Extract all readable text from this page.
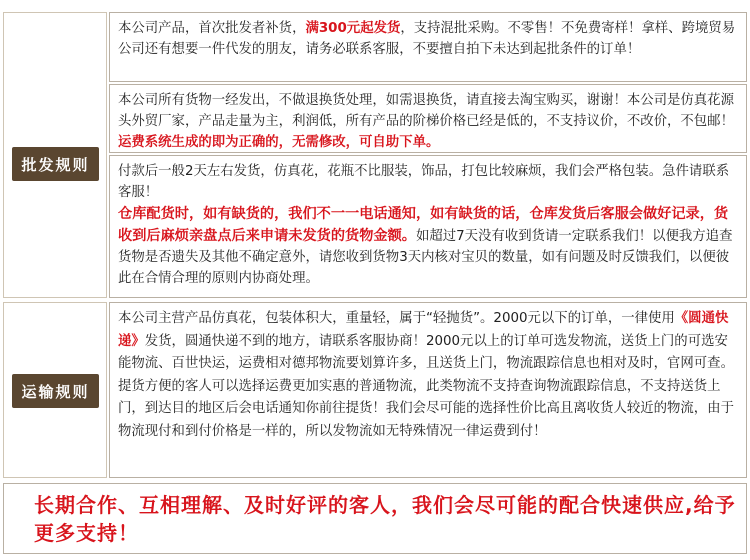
批发规则

本公司产品，首次批发者补货，满300元起发货，支持混批采购。不零售！不免费寄样！拿样、跨境贸易公司还有想要一件代发的朋友，请务必联系客服，不要擅自拍下未达到起批条件的订单！

本公司所有货物一经发出，不做退换货处理，如需退换货，请直接去淘宝购买，谢谢！本公司是仿真花源头外贸厂家，产品走量为主，利润低，所有产品的阶梯价格已经是低的，不支持议价，不改价，不包邮！运费系统生成的即为正确的，无需修改，可自助下单。

付款后一般2天左右发货，仿真花，花瓶不比服装，饰品，打包比较麻烦，我们会严格包装。急件请联系客服！

仓库配货时，如有缺货的，我们不一一电话通知，如有缺货的话，仓库发货后客服会做好记录，货收到后麻烦亲盘点后来申请未发货的货物金额。如超过7天没有收到货请一定联系我们！以便我方追查货物是否遗失及其他不确定意外，请您收到货物3天内核对宝贝的数量，如有问题及时反馈我们，以便彼此在合情合理的原则内协商处理。

运输规则

本公司主营产品仿真花，包装体积大，重量轻，属于“轻抛货”。2000元以下的订单，一律使用《圆通快递》发货，圆通快递不到的地方，请联系客服协商！2000元以上的订单可选发物流，送货上门的可选安能物流、百世快运，运费相对德邦物流要划算许多，且送货上门，物流跟踪信息也相对及时，官网可查。提货方便的客人可以选择运费更加实惠的普通物流，此类物流不支持查询物流跟踪信息，不支持送货上门，到达目的地区后会电话通知你前往提货！我们会尽可能的选择性价比高且离收货人较近的物流，由于物流现付和到付价格是一样的，所以发物流如无特殊情况一律运费到付！

长期合作、互相理解、及时好评的客人，我们会尽可能的配合快速供应,给予更多支持！
